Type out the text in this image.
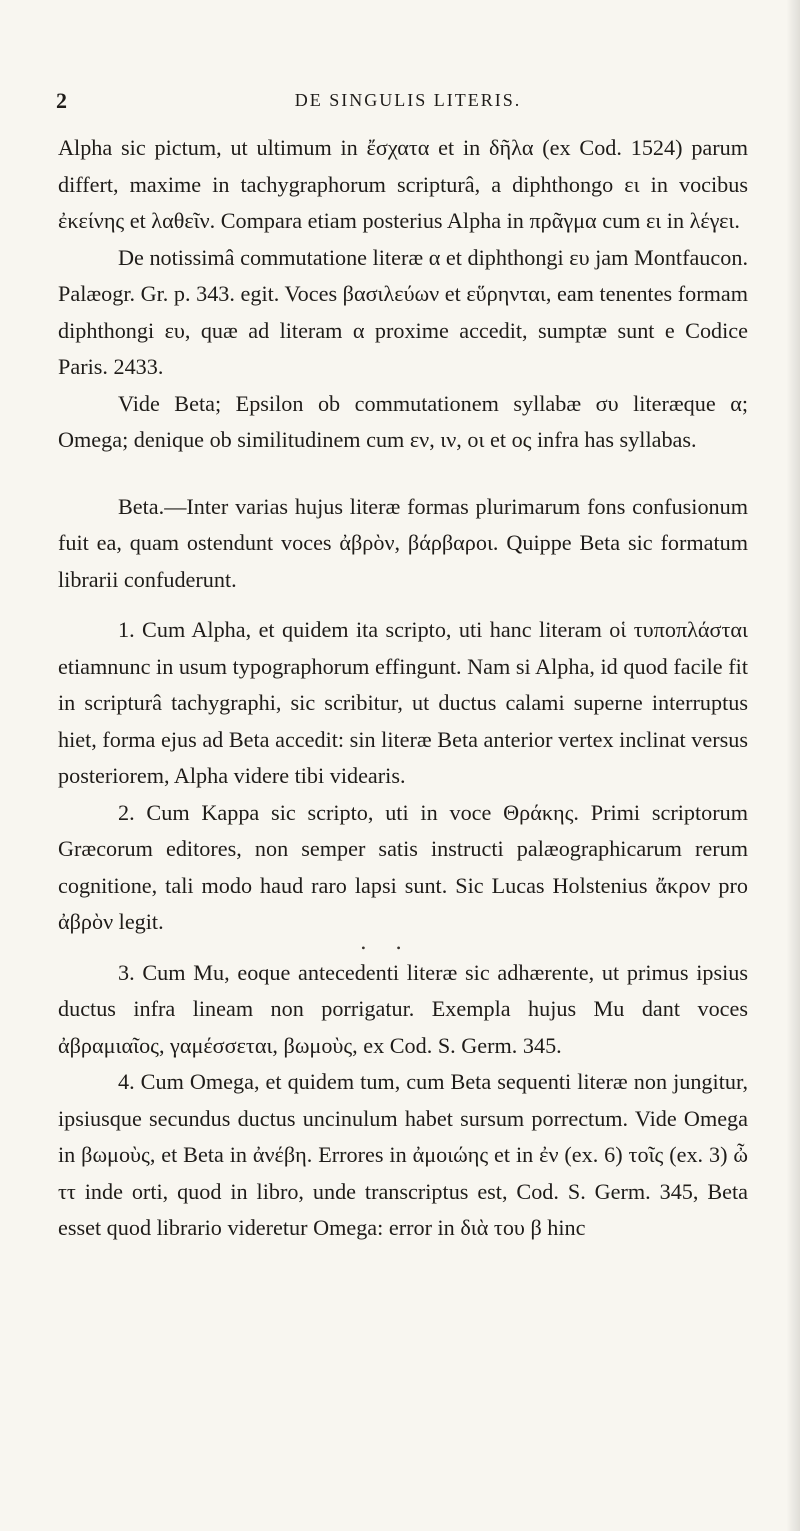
2	DE SINGULIS LITERIS.

Alpha sic pictum, ut ultimum in ἔσχατα et in δῆλα (ex Cod. 1524) parum differt, maxime in tachygraphorum scripturâ, a diphthongo ει in vocibus ἐκείνης et λαθεῖν. Compara etiam posterius Alpha in πρᾶγμα cum ει in λέγει.

De notissimâ commutatione literæ α et diphthongi ευ jam Montfaucon. Palæogr. Gr. p. 343. egit. Voces βασιλεύων et εὕρηνται, eam tenentes formam diphthongi ευ, quæ ad literam α proxime accedit, sumptæ sunt e Codice Paris. 2433.

Vide Beta; Epsilon ob commutationem syllabæ συ literæque α; Omega; denique ob similitudinem cum εν, ιν, οι et ος infra has syllabas.

Beta.—Inter varias hujus literæ formas plurimarum fons confusionum fuit ea, quam ostendunt voces ἀβρὸν, βάρβαροι. Quippe Beta sic formatum librarii confuderunt.

1. Cum Alpha, et quidem ita scripto, uti hanc literam οἱ τυποπλάσται etiamnunc in usum typographorum effingunt. Nam si Alpha, id quod facile fit in scripturâ tachygraphi, sic scribitur, ut ductus calami superne interruptus hiet, forma ejus ad Beta accedit: sin literæ Beta anterior vertex inclinat versus posteriorem, Alpha videre tibi videaris.

2. Cum Kappa sic scripto, uti in voce Θράκης. Primi scriptorum Græcorum editores, non semper satis instructi palæographicarum rerum cognitione, tali modo haud raro lapsi sunt. Sic Lucas Holstenius ἄκρον pro ἀβρὸν legit.

• •

3. Cum Mu, eoque antecedenti literæ sic adhærente, ut primus ipsius ductus infra lineam non porrigatur. Exempla hujus Mu dant voces ἀβραμιαῖος, γαμέσσεται, βωμοὺς, ex Cod. S. Germ. 345.

4. Cum Omega, et quidem tum, cum Beta sequenti literæ non jungitur, ipsiusque secundus ductus uncinulum habet sursum porrectum. Vide Omega in βωμοὺς, et Beta in ἀνέβη. Errores in ἀμοιώης et in ἐν (ex. 6) τοῖς (ex. 3) ὦ ττ inde orti, quod in libro, unde transcriptus est, Cod. S. Germ. 345, Beta esset quod librario videretur Omega: error in διὰ του β hinc
